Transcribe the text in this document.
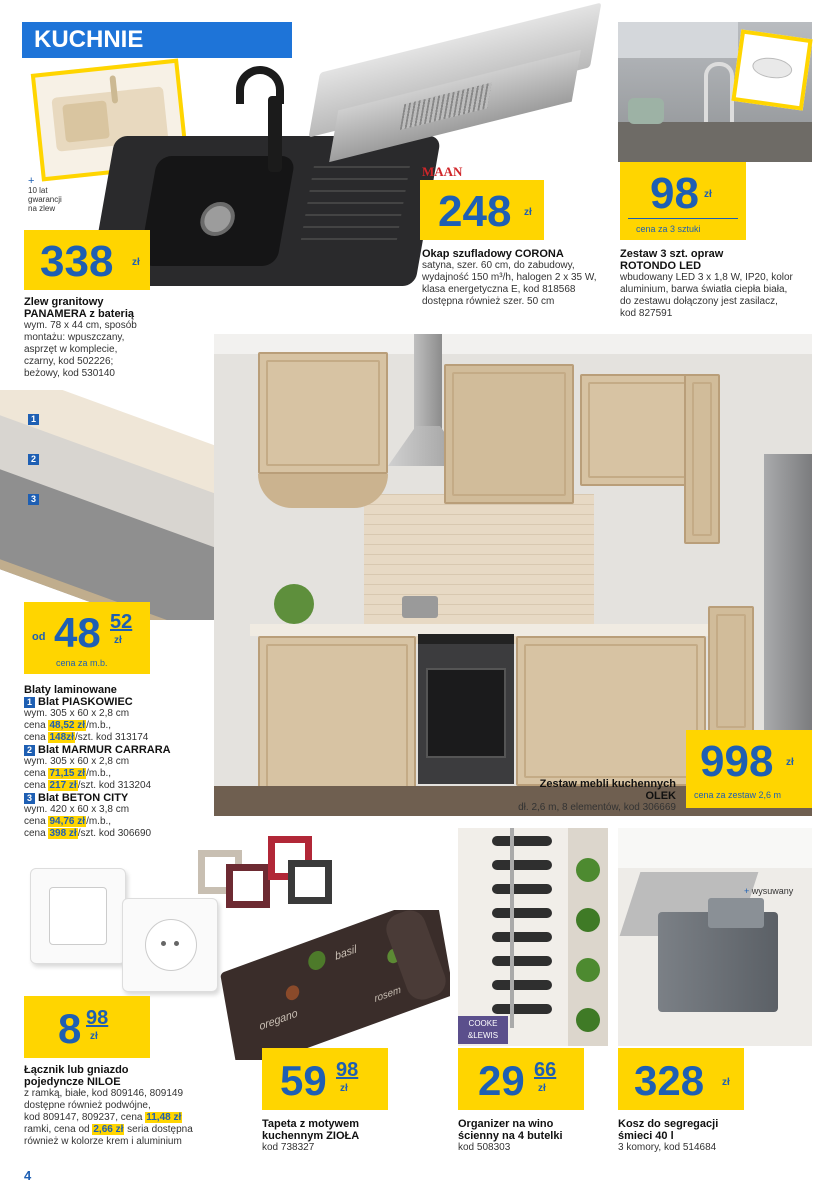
KUCHNIE
+
10 lat
gwarancji
na zlew
338 zł
Zlew granitowy
PANAMERA z baterią
wym. 78 x 44 cm, sposób
montażu: wpuszczany,
asprzęt w komplecie,
czarny, kod 502226;
beżowy, kod 530140
MAAN
248 zł
Okap szufladowy CORONA
satyna, szer. 60 cm, do zabudowy,
wydajność 150 m³/h, halogen 2 x 35 W,
klasa energetyczna E, kod 818568
dostępna również szer. 50 cm
98 zł
cena za 3 sztuki
Zestaw 3 szt. opraw
ROTONDO LED
wbudowany LED 3 x 1,8 W, IP20, kolor
aluminium, barwa światła ciepła biała,
do zestawu dołączony jest zasilacz,
kod 827591
1
2
3
od 48 52
zł
cena za m.b.
Blaty laminowane
1 Blat PIASKOWIEC
wym. 305 x 60 x 2,8 cm
cena 48,52 zł/m.b.,
cena 148zł/szt. kod 313174
2 Blat MARMUR CARRARA
wym. 305 x 60 x 2,8 cm
cena 71,15 zł/m.b.,
cena 217 zł/szt. kod 313204
3 Blat BETON CITY
wym. 420 x 60 x 3,8 cm
cena 94,76 zł/m.b.,
cena 398 zł/szt. kod 306690
998 zł
cena za zestaw 2,6 m
Zestaw mebli kuchennych
OLEK
dł. 2,6 m, 8 elementów, kod 306669
8 98
zł
Łącznik lub gniazdo
pojedyncze NILOE
z ramką, białe, kod 809146, 809149
dostępne również podwójne,
kod 809147, 809237, cena 11,48 zł
ramki, cena od 2,66 zł seria dostępna
również w kolorze krem i aluminium
basil
oregano
rosem
59 98
zł
Tapeta z motywem
kuchennym ZIOŁA
kod 738327
COOKE
&LEWIS
29 66
zł
Organizer na wino
ścienny na 4 butelki
kod 508303
+ wysuwany
328 zł
Kosz do segregacji
śmieci 40 l
3 komory, kod 514684
4
